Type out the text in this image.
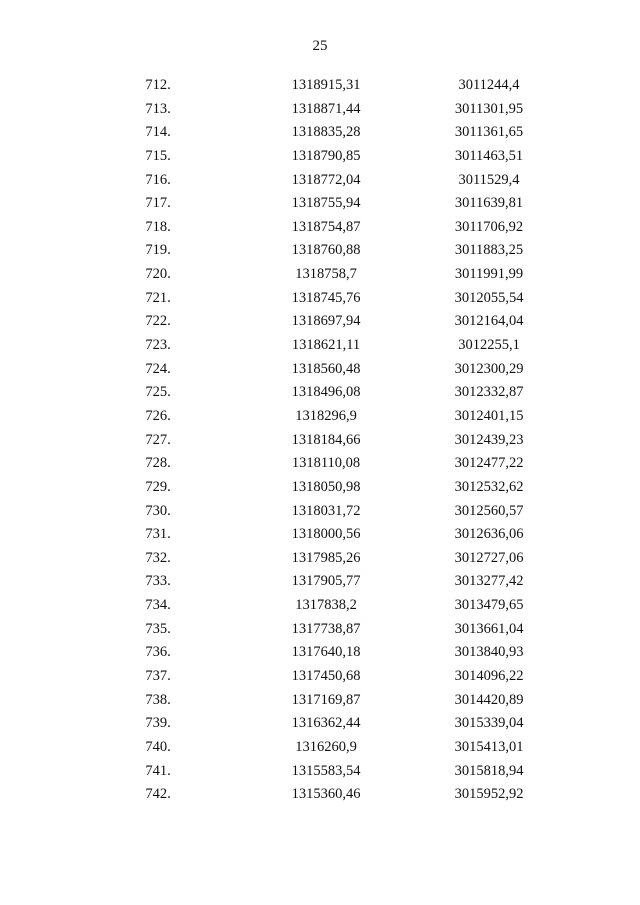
25
712.	1318915,31	3011244,4
713.	1318871,44	3011301,95
714.	1318835,28	3011361,65
715.	1318790,85	3011463,51
716.	1318772,04	3011529,4
717.	1318755,94	3011639,81
718.	1318754,87	3011706,92
719.	1318760,88	3011883,25
720.	1318758,7	3011991,99
721.	1318745,76	3012055,54
722.	1318697,94	3012164,04
723.	1318621,11	3012255,1
724.	1318560,48	3012300,29
725.	1318496,08	3012332,87
726.	1318296,9	3012401,15
727.	1318184,66	3012439,23
728.	1318110,08	3012477,22
729.	1318050,98	3012532,62
730.	1318031,72	3012560,57
731.	1318000,56	3012636,06
732.	1317985,26	3012727,06
733.	1317905,77	3013277,42
734.	1317838,2	3013479,65
735.	1317738,87	3013661,04
736.	1317640,18	3013840,93
737.	1317450,68	3014096,22
738.	1317169,87	3014420,89
739.	1316362,44	3015339,04
740.	1316260,9	3015413,01
741.	1315583,54	3015818,94
742.	1315360,46	3015952,92
